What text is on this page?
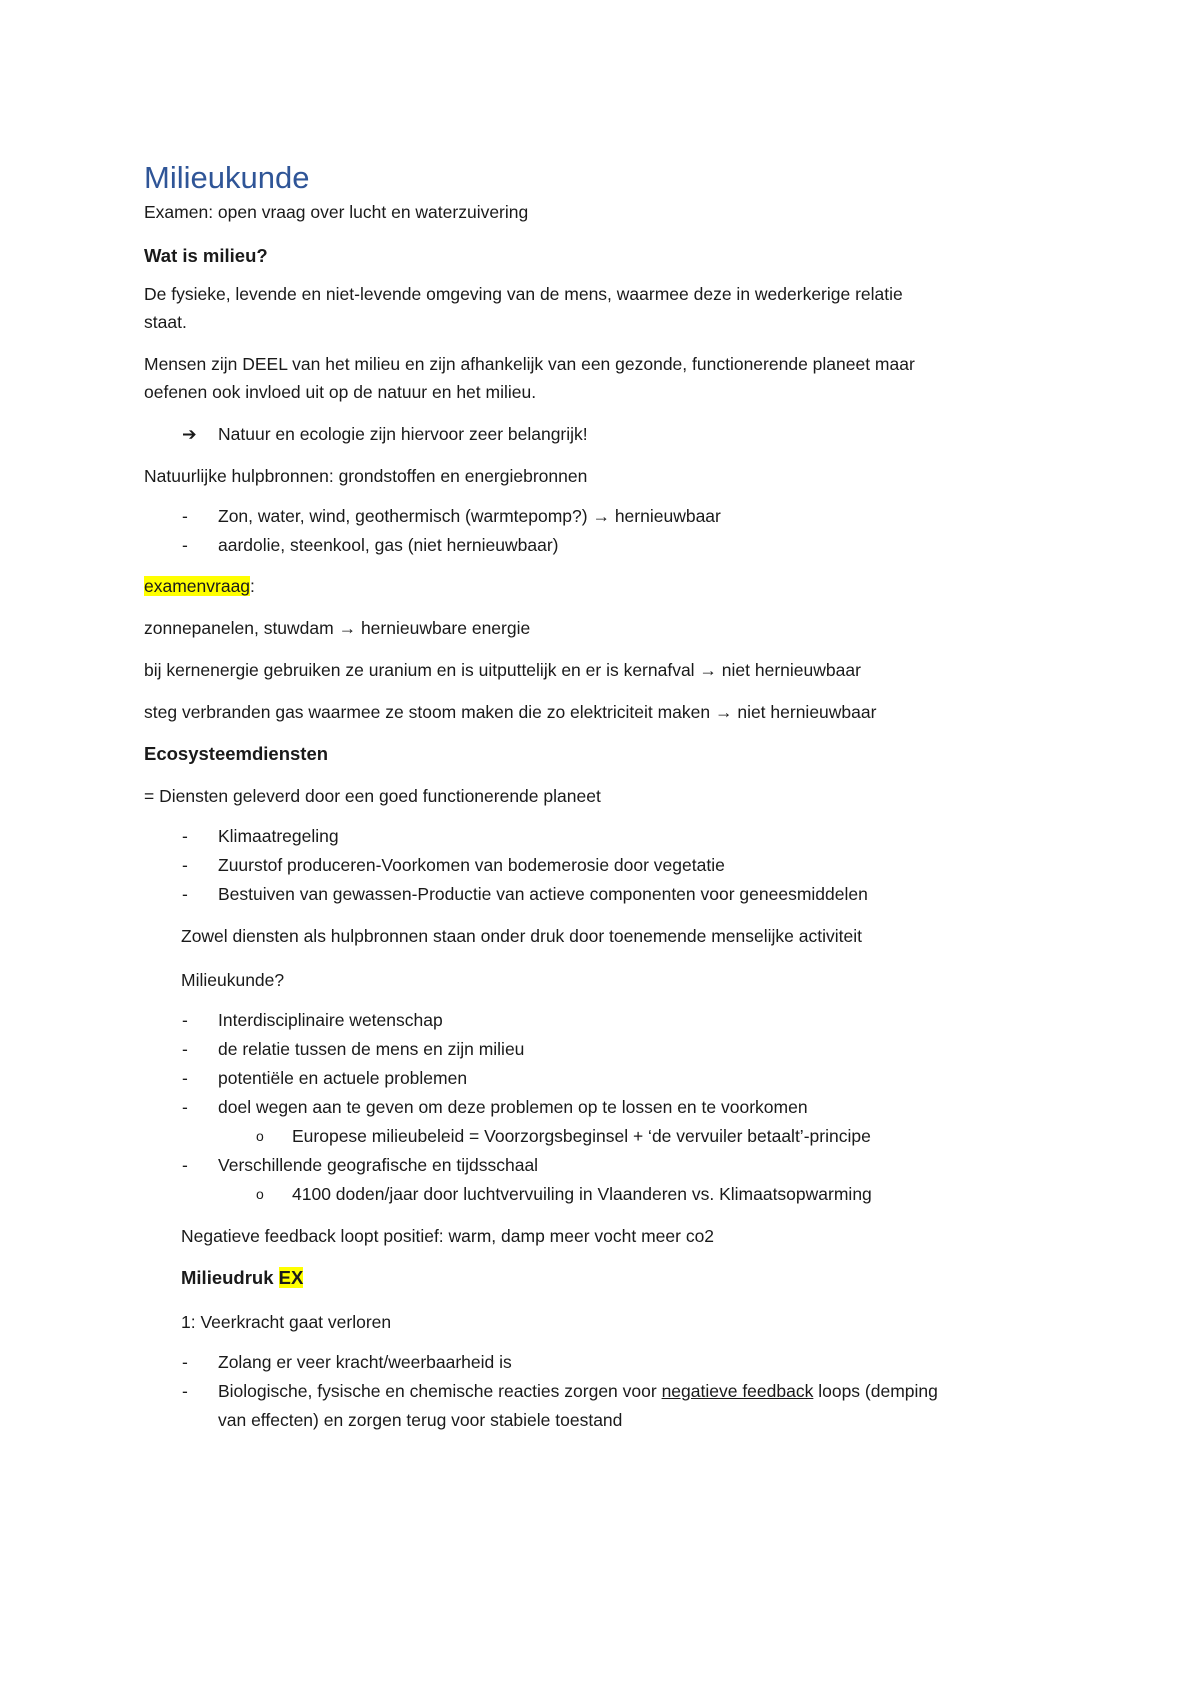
Milieukunde
Examen: open vraag over lucht en waterzuivering
Wat is milieu?
De fysieke, levende en niet-levende omgeving van de mens, waarmee deze in wederkerige relatie
staat.
Mensen zijn DEEL van het milieu en zijn afhankelijk van een gezonde, functionerende planeet maar
oefenen ook invloed uit op de natuur en het milieu.
➔ Natuur en ecologie zijn hiervoor zeer belangrijk!
Natuurlijke hulpbronnen: grondstoffen en energiebronnen
- Zon, water, wind, geothermisch (warmtepomp?) → hernieuwbaar
- aardolie, steenkool, gas (niet hernieuwbaar)
examenvraag:
zonnepanelen, stuwdam → hernieuwbare energie
bij kernenergie gebruiken ze uranium en is uitputtelijk en er is kernafval → niet hernieuwbaar
steg verbranden gas waarmee ze stoom maken die zo elektriciteit maken → niet hernieuwbaar
Ecosysteemdiensten
= Diensten geleverd door een goed functionerende planeet
- Klimaatregeling
- Zuurstof produceren-Voorkomen van bodemerosie door vegetatie
- Bestuiven van gewassen-Productie van actieve componenten voor geneesmiddelen
Zowel diensten als hulpbronnen staan onder druk door toenemende menselijke activiteit
Milieukunde?
- Interdisciplinaire wetenschap
- de relatie tussen de mens en zijn milieu
- potentiële en actuele problemen
- doel wegen aan te geven om deze problemen op te lossen en te voorkomen
o Europese milieubeleid = Voorzorgsbeginsel + ‘de vervuiler betaalt’-principe
- Verschillende geografische en tijdsschaal
o 4100 doden/jaar door luchtvervuiling in Vlaanderen vs. Klimaatsopwarming
Negatieve feedback loopt positief: warm, damp meer vocht meer co2
Milieudruk EX
1: Veerkracht gaat verloren
- Zolang er veer kracht/weerbaarheid is
- Biologische, fysische en chemische reacties zorgen voor negatieve feedback loops (demping
van effecten) en zorgen terug voor stabiele toestand
